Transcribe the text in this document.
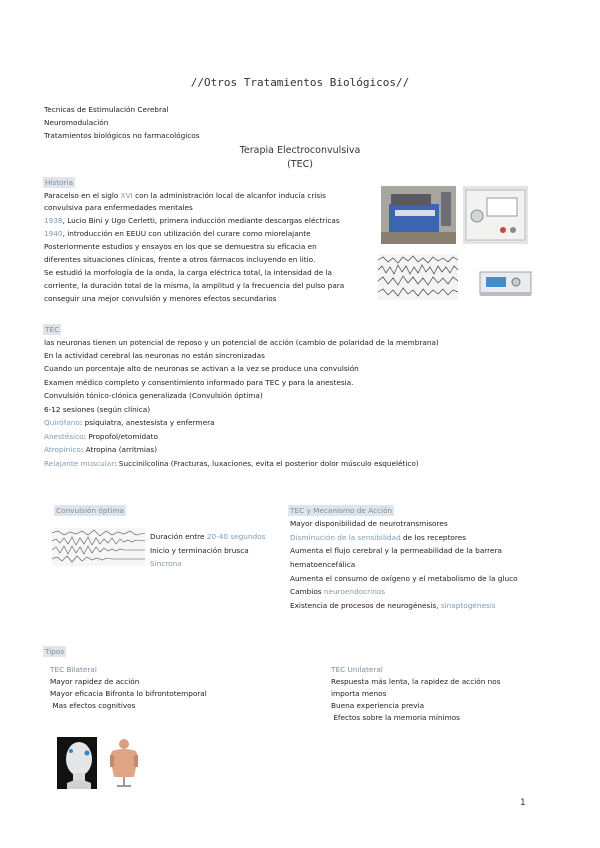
//Otros Tratamientos Biológicos//
Tecnicas de Estimulación Cerebral
Neuromodulación
Tratamientos biológicos no farmacológicos
Terapia Electroconvulsiva
(TEC)
Historia
Paracelso en el siglo XVI con la administración local de alcanfor inducía crisis
convulsiva para enfermedades mentales
1938, Lucio Bini y Ugo Cerletti, primera inducción mediante descargas eléctricas
1940, introducción en EEUU con utilización del curare como miorelajante
Posteriormente estudios y ensayos en los que se demuestra su eficacia en
diferentes situaciones clínicas, frente a otros fármacos incluyendo en litio.
Se estudió la morfología de la onda, la carga eléctrica total, la intensidad de la
corriente, la duración total de la misma, la amplitud y la frecuencia del pulso para
conseguir una mejor convulsión y menores efectos secundarios
TEC
las neuronas tienen un potencial de reposo y un potencial de acción (cambio de polaridad de la membrana)
En la actividad cerebral las neuronas no están sincronizadas
Cuando un porcentaje alto de neuronas se activan a la vez se produce una convulsión
Examen médico completo y consentimiento informado para TEC y para la anestesia.
Convulsión tónico-clónica generalizada (Convulsión óptima)
6-12 sesiones (según clínica)
Quirófano: psiquiatra, anestesista y enfermera
Anestésico: Propofol/etomidato
Atropínico: Atropina (arritmias)
Relajante muscular: Succinilcolina (Fracturas, luxaciones, evita el posterior dolor músculo esquelético)
Convulsión óptima
Duración entre 20-40 segundos
Inicio y terminación brusca
Síncrona
TEC y Mecanismo de Acción
Mayor disponibilidad de neurotransmisores
Disminución de la sensibilidad de los receptores
Aumenta el flujo cerebral y la permeabilidad de la barrera
hematoencefálica
Aumenta el consumo de oxígeno y el metabolismo de la gluco
Cambios neuroendocrinos
Existencia de procesos de neurogénesis, sinaptogénesis
Tipos
TEC Bilateral
Mayor rapidez de acción
Mayor eficacia Bifronta lo bifrontotemporal
Mas efectos cognitivos
TEC Unilateral
Respuesta más lenta, la rapidez de acción nos
importa menos
Buena experiencia previa
Efectos sobre la memoria mínimos
1
